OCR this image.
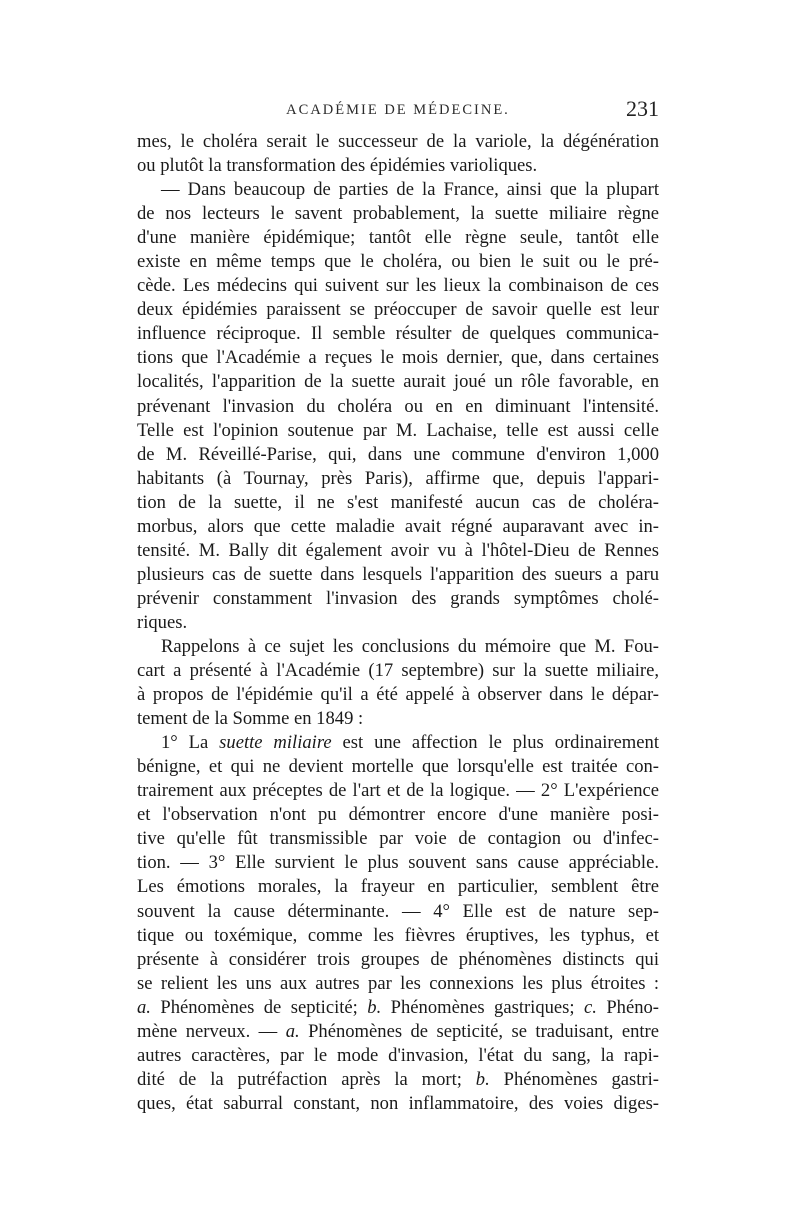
ACADÉMIE DE MÉDECINE.	231
mes, le choléra serait le successeur de la variole, la dégénération
ou plutôt la transformation des épidémies varioliques.
— Dans beaucoup de parties de la France, ainsi que la plupart
de nos lecteurs le savent probablement, la suette miliaire règne
d'une manière épidémique; tantôt elle règne seule, tantôt elle
existe en même temps que le choléra, ou bien le suit ou le pré-
cède. Les médecins qui suivent sur les lieux la combinaison de ces
deux épidémies paraissent se préoccuper de savoir quelle est leur
influence réciproque. Il semble résulter de quelques communica-
tions que l'Académie a reçues le mois dernier, que, dans certaines
localités, l'apparition de la suette aurait joué un rôle favorable, en
prévenant l'invasion du choléra ou en en diminuant l'intensité.
Telle est l'opinion soutenue par M. Lachaise, telle est aussi celle
de M. Réveillé-Parise, qui, dans une commune d'environ 1,000
habitants (à Tournay, près Paris), affirme que, depuis l'appari-
tion de la suette, il ne s'est manifesté aucun cas de choléra-
morbus, alors que cette maladie avait régné auparavant avec in-
tensité. M. Bally dit également avoir vu à l'hôtel-Dieu de Rennes
plusieurs cas de suette dans lesquels l'apparition des sueurs a paru
prévenir constamment l'invasion des grands symptômes cholé-
riques.
Rappelons à ce sujet les conclusions du mémoire que M. Fou-
cart a présenté à l'Académie (17 septembre) sur la suette miliaire,
à propos de l'épidémie qu'il a été appelé à observer dans le dépar-
tement de la Somme en 1849 :
1° La suette miliaire est une affection le plus ordinairement
bénigne, et qui ne devient mortelle que lorsqu'elle est traitée con-
trairement aux préceptes de l'art et de la logique. — 2° L'expérience
et l'observation n'ont pu démontrer encore d'une manière posi-
tive qu'elle fût transmissible par voie de contagion ou d'infec-
tion. — 3° Elle survient le plus souvent sans cause appréciable.
Les émotions morales, la frayeur en particulier, semblent être
souvent la cause déterminante. — 4° Elle est de nature sep-
tique ou toxémique, comme les fièvres éruptives, les typhus, et
présente à considérer trois groupes de phénomènes distincts qui
se relient les uns aux autres par les connexions les plus étroites :
a. Phénomènes de septicité; b. Phénomènes gastriques; c. Phéno-
mène nerveux. — a. Phénomènes de septicité, se traduisant, entre
autres caractères, par le mode d'invasion, l'état du sang, la rapi-
dité de la putréfaction après la mort; b. Phénomènes gastri-
ques, état saburral constant, non inflammatoire, des voies diges-
